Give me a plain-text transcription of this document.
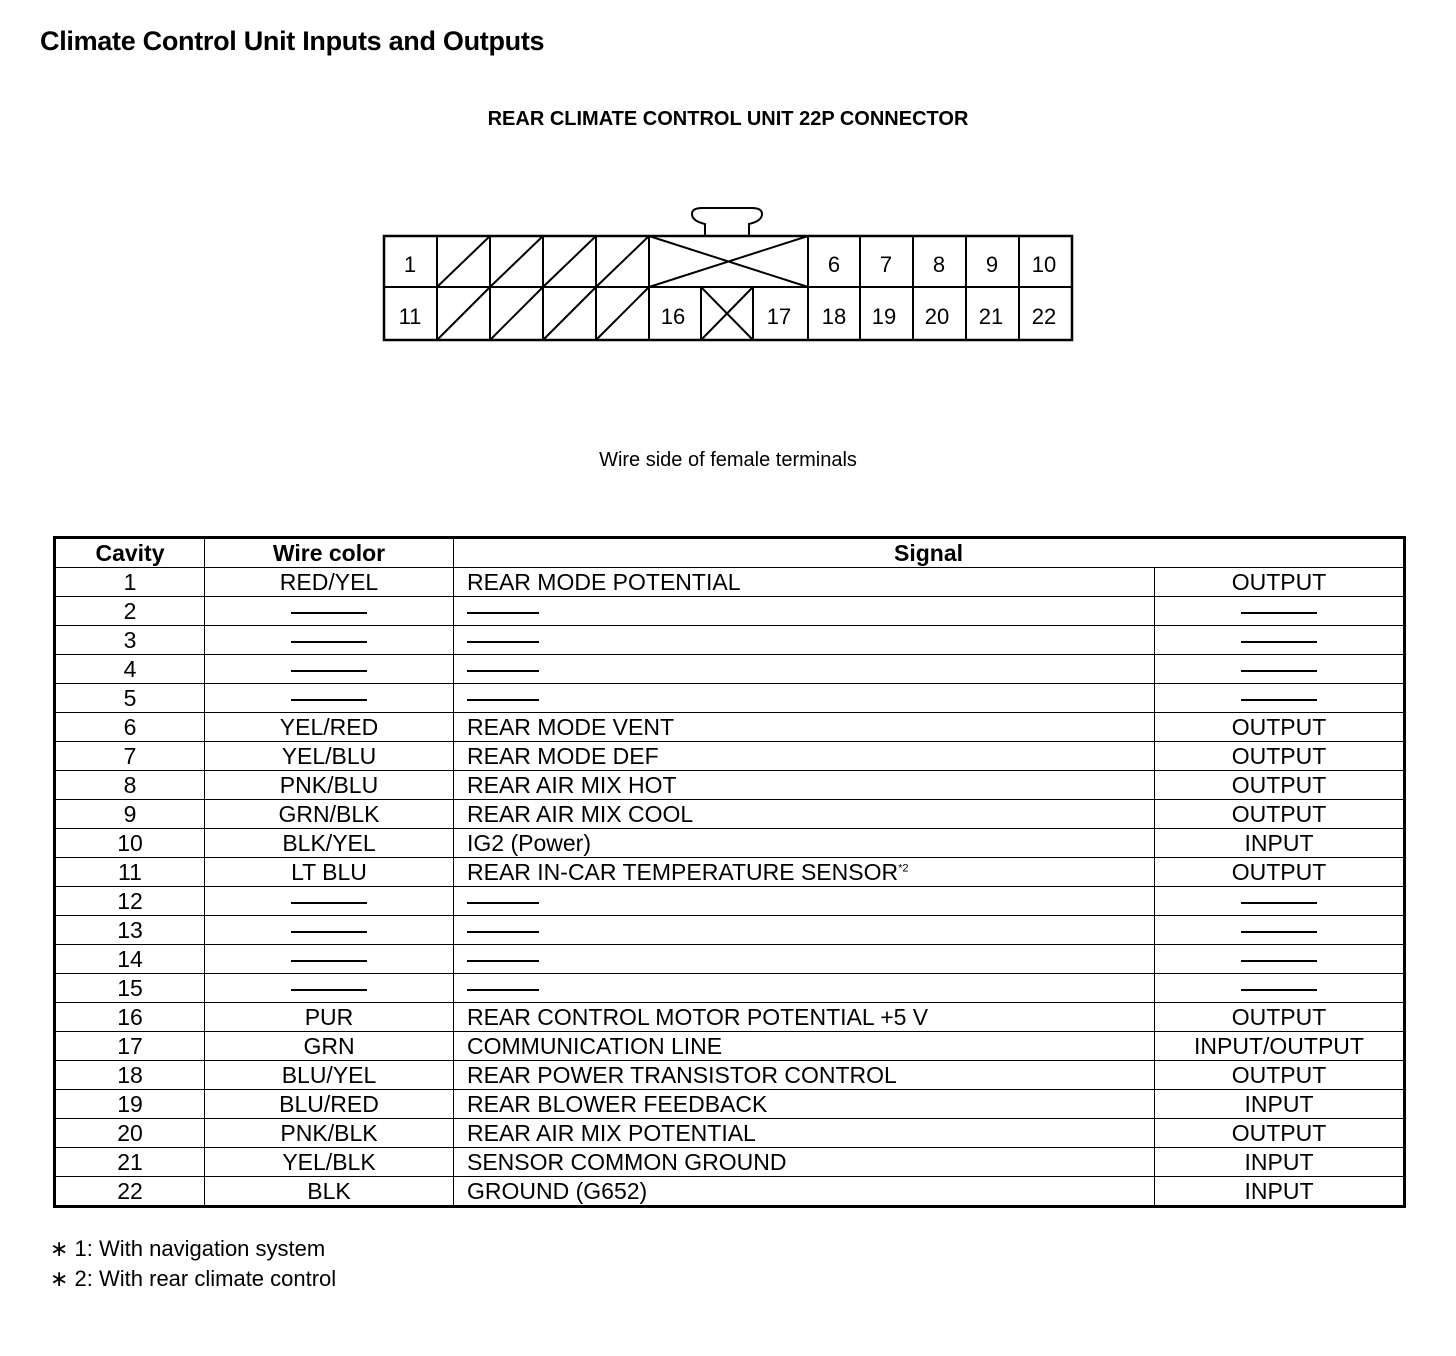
Climate Control Unit Inputs and Outputs
REAR CLIMATE CONTROL UNIT 22P CONNECTOR
1	6 7 8 9 10
11	16	17 18 19 20 21 22
Wire side of female terminals
Cavity	Wire color	Signal	
1	RED/YEL	REAR MODE POTENTIAL	OUTPUT
2			
3			
4			
5			
6	YEL/RED	REAR MODE VENT	OUTPUT
7	YEL/BLU	REAR MODE DEF	OUTPUT
8	PNK/BLU	REAR AIR MIX HOT	OUTPUT
9	GRN/BLK	REAR AIR MIX COOL	OUTPUT
10	BLK/YEL	IG2 (Power)	INPUT
11	LT BLU	REAR IN-CAR TEMPERATURE SENSOR$^{*2}$	OUTPUT
12			
13			
14			
15			
16	PUR	REAR CONTROL MOTOR POTENTIAL +5 V	OUTPUT
17	GRN	COMMUNICATION LINE	INPUT/OUTPUT
18	BLU/YEL	REAR POWER TRANSISTOR CONTROL	OUTPUT
19	BLU/RED	REAR BLOWER FEEDBACK	INPUT
20	PNK/BLK	REAR AIR MIX POTENTIAL	OUTPUT
21	YEL/BLK	SENSOR COMMON GROUND	INPUT
22	BLK	GROUND (G652)	INPUT
∗ 1: With navigation system
∗ 2: With rear climate control
